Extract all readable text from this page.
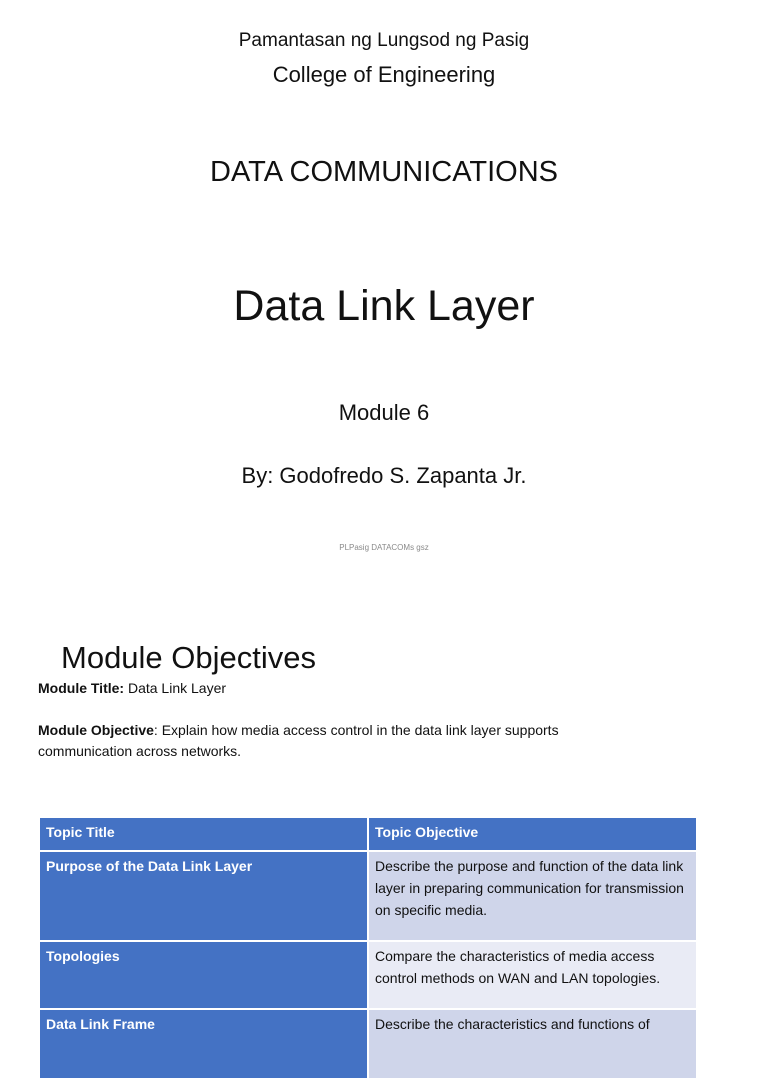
Pamantasan ng Lungsod ng Pasig
College of Engineering
DATA COMMUNICATIONS
Data Link Layer
Module 6
By: Godofredo S. Zapanta Jr.
PLPasig DATACOMs gsz
Module Objectives
Module Title: Data Link Layer
Module Objective: Explain how media access control in the data link layer supports communication across networks.
Topic Title	Topic Objective
Purpose of the Data Link Layer	Describe the purpose and function of the data link layer in preparing communication for transmission on specific media.
Topologies	Compare the characteristics of media access control methods on WAN and LAN topologies.
Data Link Frame	Describe the characteristics and functions of
